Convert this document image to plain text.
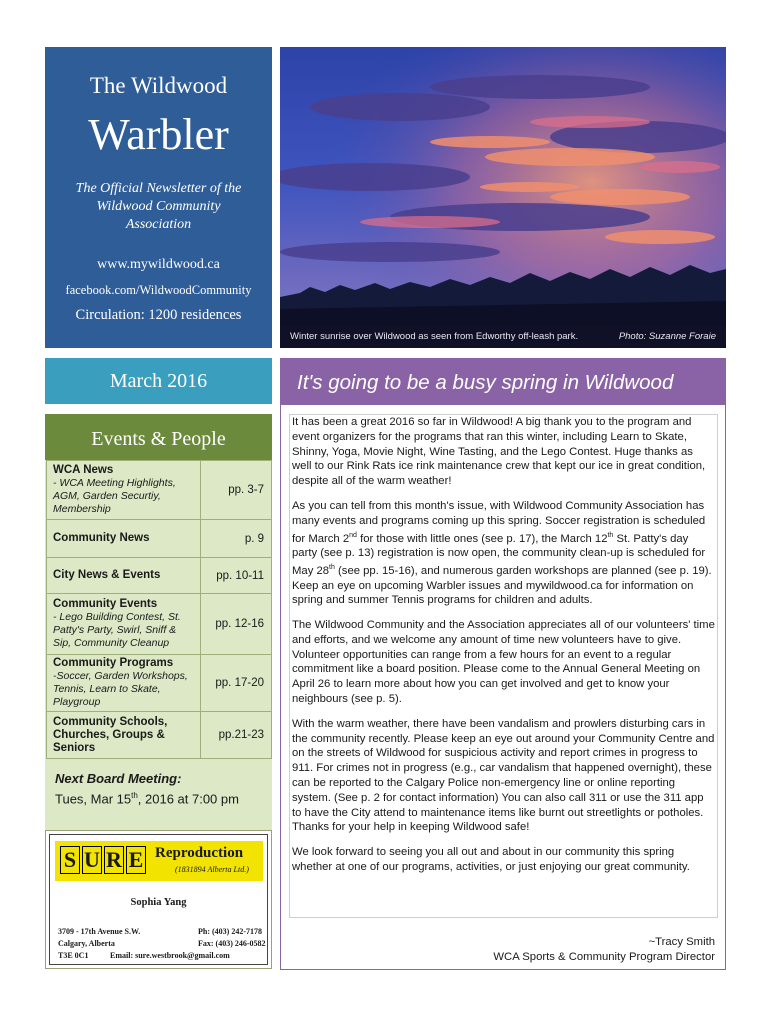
The Wildwood
Warbler
The Official Newsletter of the Wildwood Community Association
www.mywildwood.ca
facebook.com/WildwoodCommunity
Circulation: 1200 residences
Winter sunrise over Wildwood as seen from Edworthy off-leash park.	Photo: Suzanne Foraie
March 2016
Events & People
WCA News
- WCA Meeting Highlights, AGM, Garden Securtiy, Membership	pp. 3-7

Community News	p. 9

City News & Events	pp. 10-11

Community Events
- Lego Building Contest, St. Patty's Party, Swirl, Sniff & Sip, Community Cleanup	pp. 12-16

Community Programs
-Soccer, Garden Workshops, Tennis, Learn to Skate, Playgroup	pp. 17-20

Community Schools, Churches, Groups & Seniors	pp.21-23
Next Board Meeting:
Tues, Mar 15th, 2016 at 7:00 pm
S U R E Reproduction
(1831894 Alberta Ltd.)
Sophia Yang
3709 - 17th Avenue S.W.
Calgary, Alberta
T3E 0C1
Ph: (403) 242-7178
Fax: (403) 246-0582
Email: sure.westbrook@gmail.com
It's going to be a busy spring in Wildwood

It has been a great 2016 so far in Wildwood! A big thank you to the program and event organizers for the programs that ran this winter, including Learn to Skate, Shinny, Yoga, Movie Night, Wine Tasting, and the Lego Contest. Huge thanks as well to our Rink Rats ice rink maintenance crew that kept our ice in great condition, despite all of the warm weather!

As you can tell from this month's issue, with Wildwood Community Association has many events and programs coming up this spring. Soccer registration is scheduled for March 2nd for those with little ones (see p. 17), the March 12th St. Patty's day party (see p. 13) registration is now open, the community clean-up is scheduled for May 28th (see pp. 15-16), and numerous garden workshops are planned (see p. 19). Keep an eye on upcoming Warbler issues and mywildwood.ca for information on spring and summer Tennis programs for children and adults.

The Wildwood Community and the Association appreciates all of our volunteers' time and efforts, and we welcome any amount of time new volunteers have to give. Volunteer opportunities can range from a few hours for an event to a regular commitment like a board position. Please come to the Annual General Meeting on April 26 to learn more about how you can get involved and get to know your neighbours (see p. 5).

With the warm weather, there have been vandalism and prowlers disturbing cars in the community recently. Please keep an eye out around your Community Centre and on the streets of Wildwood for suspicious activity and report crimes in progress to 911. For crimes not in progress (e.g., car vandalism that happened overnight), these can be reported to the Calgary Police non-emergency line or online reporting system. (See p. 2 for contact information) You can also call 311 or use the 311 app to have the City attend to maintenance items like burnt out streetlights or potholes. Thanks for your help in keeping Wildwood safe!

We look forward to seeing you all out and about in our community this spring whether at one of our programs, activities, or just enjoying our great community.

~Tracy Smith
WCA Sports & Community Program Director
